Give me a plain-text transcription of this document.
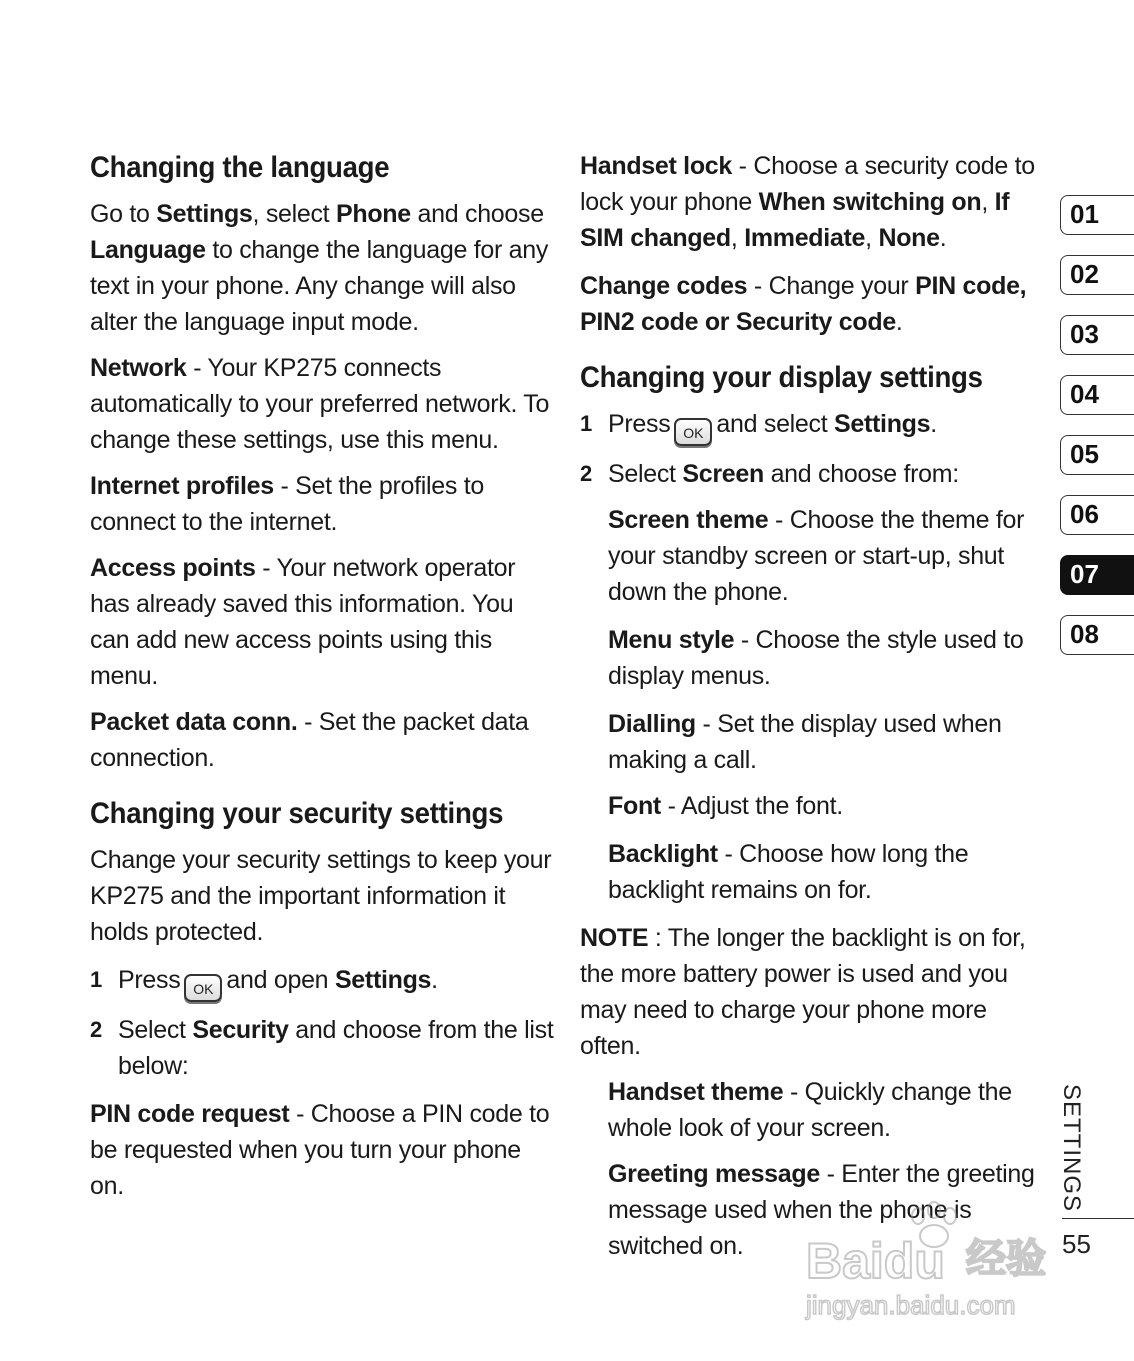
Changing the language

Go to Settings, select Phone and choose Language to change the language for any text in your phone. Any change will also alter the language input mode.

Network - Your KP275 connects automatically to your preferred network. To change these settings, use this menu.

Internet profiles - Set the profiles to connect to the internet.

Access points - Your network operator has already saved this information. You can add new access points using this menu.

Packet data conn. - Set the packet data connection.

Changing your security settings

Change your security settings to keep your KP275 and the important information it holds protected.

1 Press OK and open Settings.
2 Select Security and choose from the list below:

PIN code request - Choose a PIN code to be requested when you turn your phone on.

Handset lock - Choose a security code to lock your phone When switching on, If SIM changed, Immediate, None.

Change codes - Change your PIN code, PIN2 code or Security code.

Changing your display settings
1 Press OK and select Settings.
2 Select Screen and choose from:

Screen theme - Choose the theme for your standby screen or start-up, shut down the phone.

Menu style - Choose the style used to display menus.

Dialling - Set the display used when making a call.

Font - Adjust the font.

Backlight - Choose how long the backlight remains on for.

NOTE : The longer the backlight is on for, the more battery power is used and you may need to charge your phone more often.

Handset theme - Quickly change the whole look of your screen.

Greeting message - Enter the greeting message used when the phone is switched on.

01
02
03
04
05
06
07
08
SETTINGS
55
Baidu 经验
jingyan.baidu.com
